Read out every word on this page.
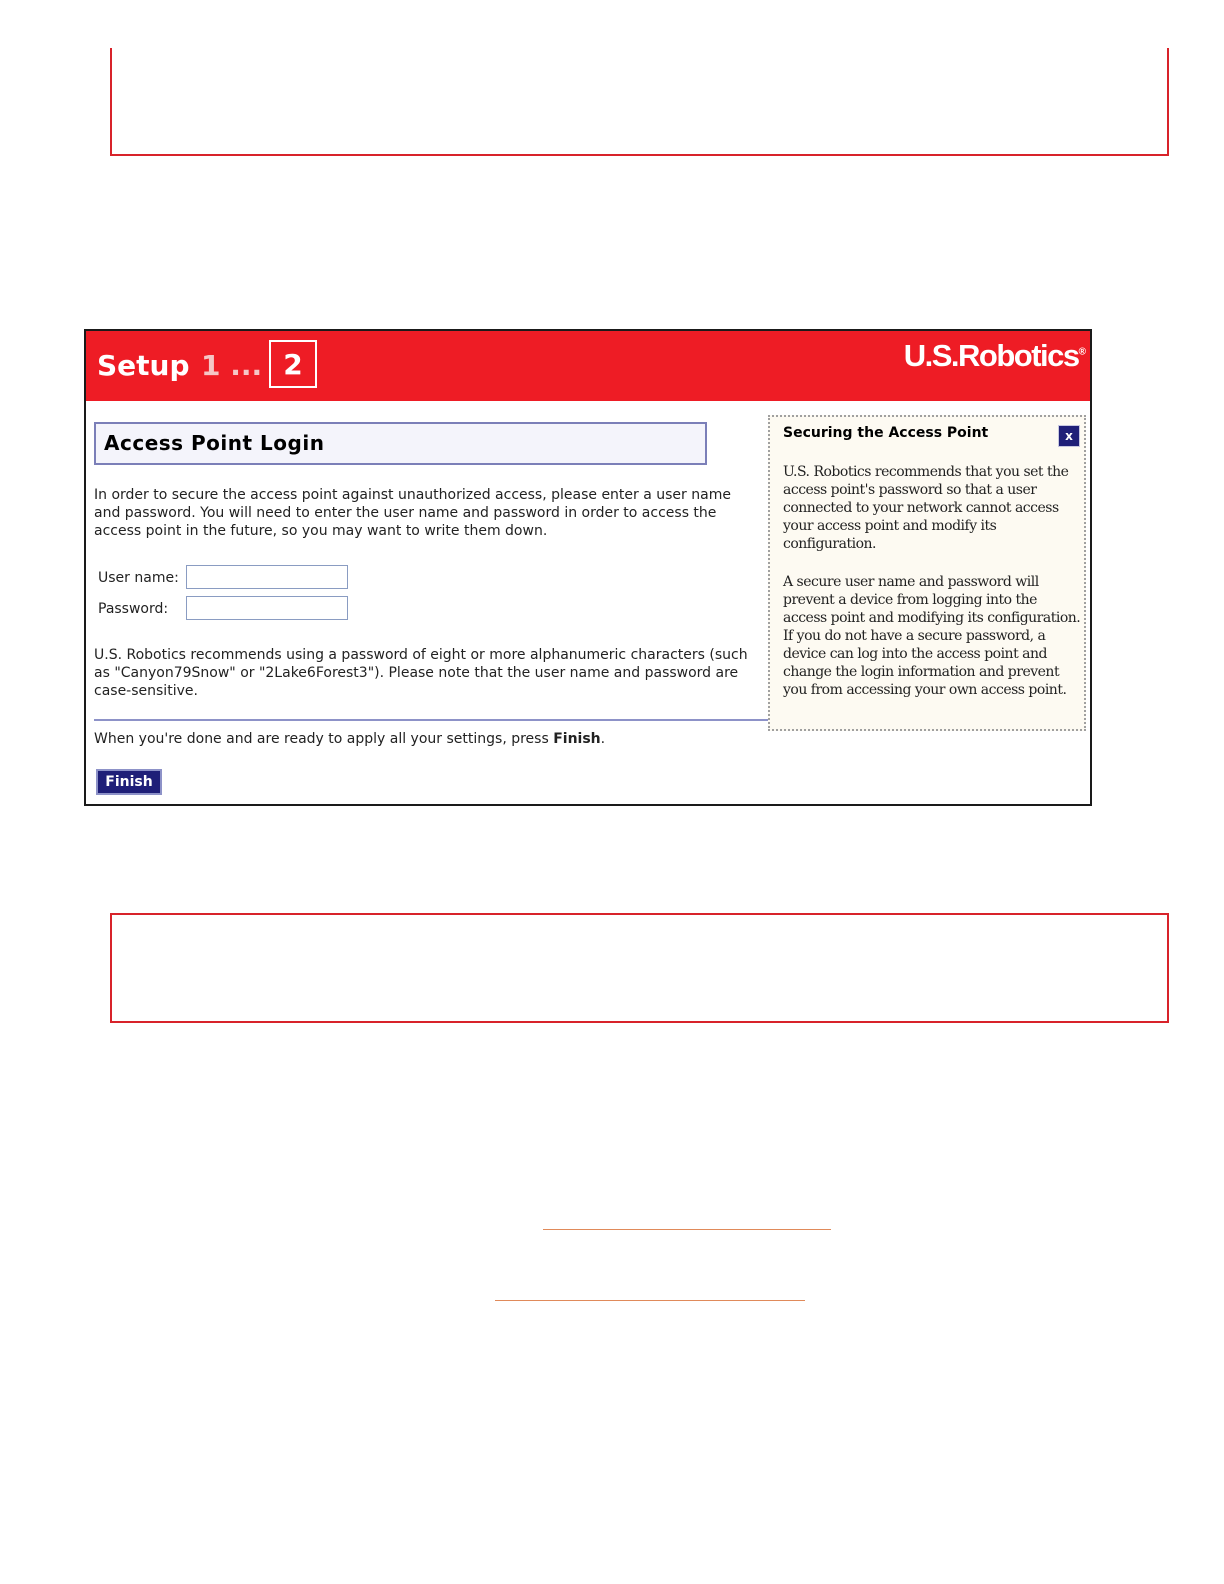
Setup 1 ... 2	U.S.Robotics®
Access Point Login
In order to secure the access point against unauthorized access, please enter a user name and password. You will need to enter the user name and password in order to access the access point in the future, so you may want to write them down.
User name:
Password:
U.S. Robotics recommends using a password of eight or more alphanumeric characters (such as "Canyon79Snow" or "2Lake6Forest3"). Please note that the user name and password are case-sensitive.
When you're done and are ready to apply all your settings, press Finish.
Finish
Securing the Access Point	x
U.S. Robotics recommends that you set the access point's password so that a user connected to your network cannot access your access point and modify its configuration.
A secure user name and password will prevent a device from logging into the access point and modifying its configuration. If you do not have a secure password, a device can log into the access point and change the login information and prevent you from accessing your own access point.
